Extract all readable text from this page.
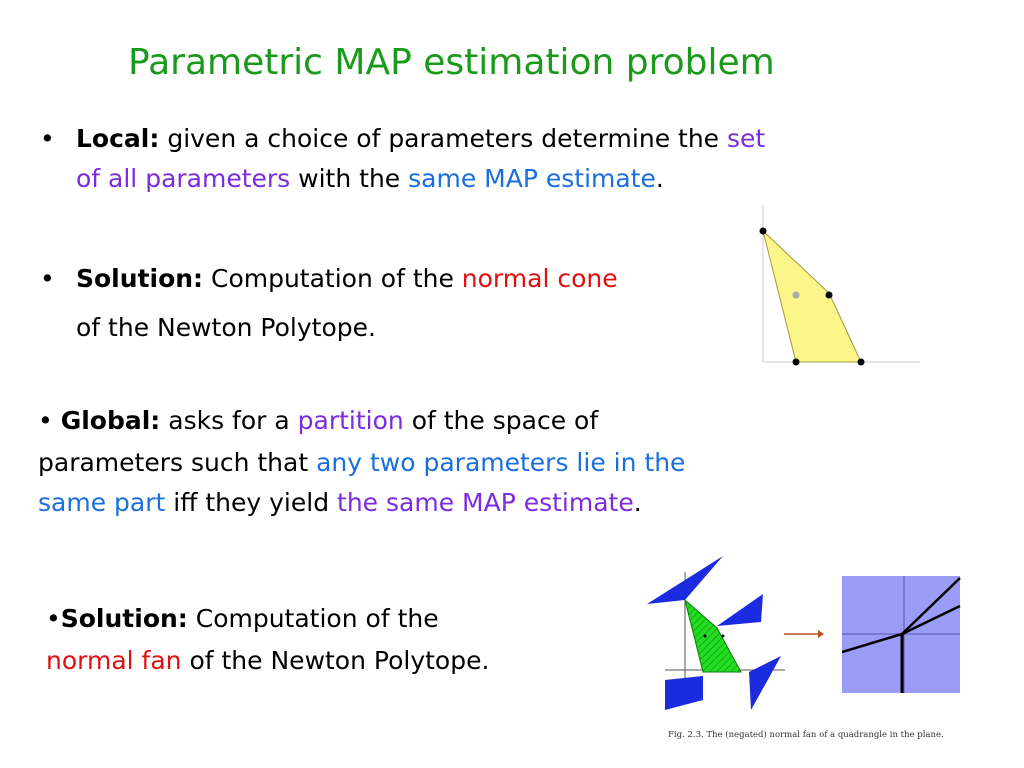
Parametric MAP estimation problem
• Local: given a choice of parameters determine the set
of all parameters with the same MAP estimate.
• Solution: Computation of the normal cone
of the Newton Polytope.
• Global: asks for a partition of the space of
parameters such that any two parameters lie in the
same part iff they yield the same MAP estimate.
•Solution: Computation of the
normal fan of the Newton Polytope.
Fig. 2.3. The (negated) normal fan of a quadrangle in the plane.
